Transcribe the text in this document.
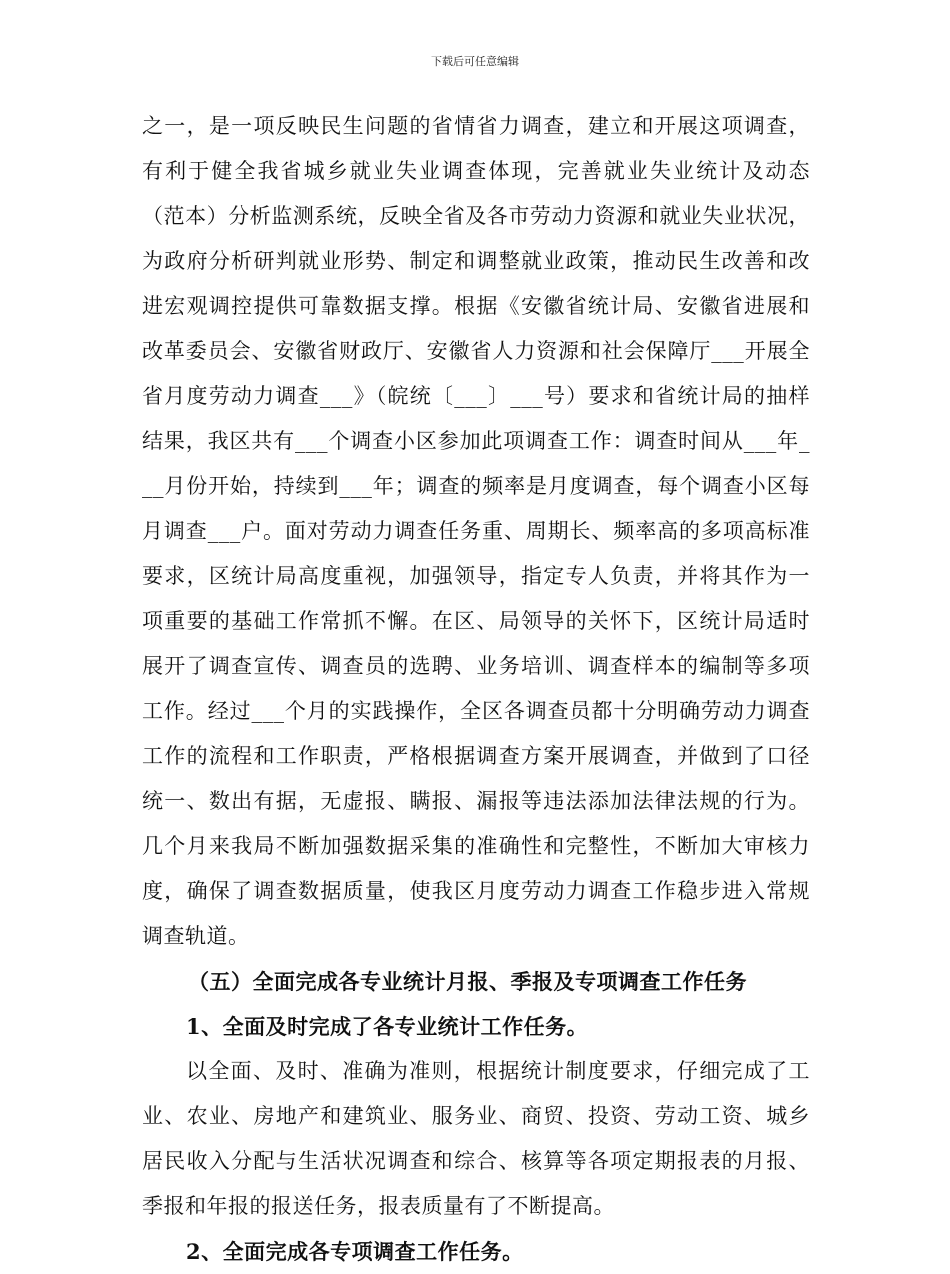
下载后可任意编辑
之一，是一项反映民生问题的省情省力调查，建立和开展这项调查，
有利于健全我省城乡就业失业调查体现，完善就业失业统计及动态
（范本）分析监测系统，反映全省及各市劳动力资源和就业失业状况，
为政府分析研判就业形势、制定和调整就业政策，推动民生改善和改
进宏观调控提供可靠数据支撑。根据《安徽省统计局、安徽省进展和
改革委员会、安徽省财政厅、安徽省人力资源和社会保障厅___开展全
省月度劳动力调查___》（皖统〔___〕___号）要求和省统计局的抽样
结果，我区共有___个调查小区参加此项调查工作：调查时间从___年_
__月份开始，持续到___年；调查的频率是月度调查，每个调查小区每
月调查___户。面对劳动力调查任务重、周期长、频率高的多项高标准
要求，区统计局高度重视，加强领导，指定专人负责，并将其作为一
项重要的基础工作常抓不懈。在区、局领导的关怀下，区统计局适时
展开了调查宣传、调查员的选聘、业务培训、调查样本的编制等多项
工作。经过___个月的实践操作，全区各调查员都十分明确劳动力调查
工作的流程和工作职责，严格根据调查方案开展调查，并做到了口径
统一、数出有据，无虚报、瞒报、漏报等违法添加法律法规的行为。
几个月来我局不断加强数据采集的准确性和完整性，不断加大审核力
度，确保了调查数据质量，使我区月度劳动力调查工作稳步进入常规
调查轨道。
（五）全面完成各专业统计月报、季报及专项调查工作任务
1、全面及时完成了各专业统计工作任务。
以全面、及时、准确为准则，根据统计制度要求，仔细完成了工
业、农业、房地产和建筑业、服务业、商贸、投资、劳动工资、城乡
居民收入分配与生活状况调查和综合、核算等各项定期报表的月报、
季报和年报的报送任务，报表质量有了不断提高。
2、全面完成各专项调查工作任务。
